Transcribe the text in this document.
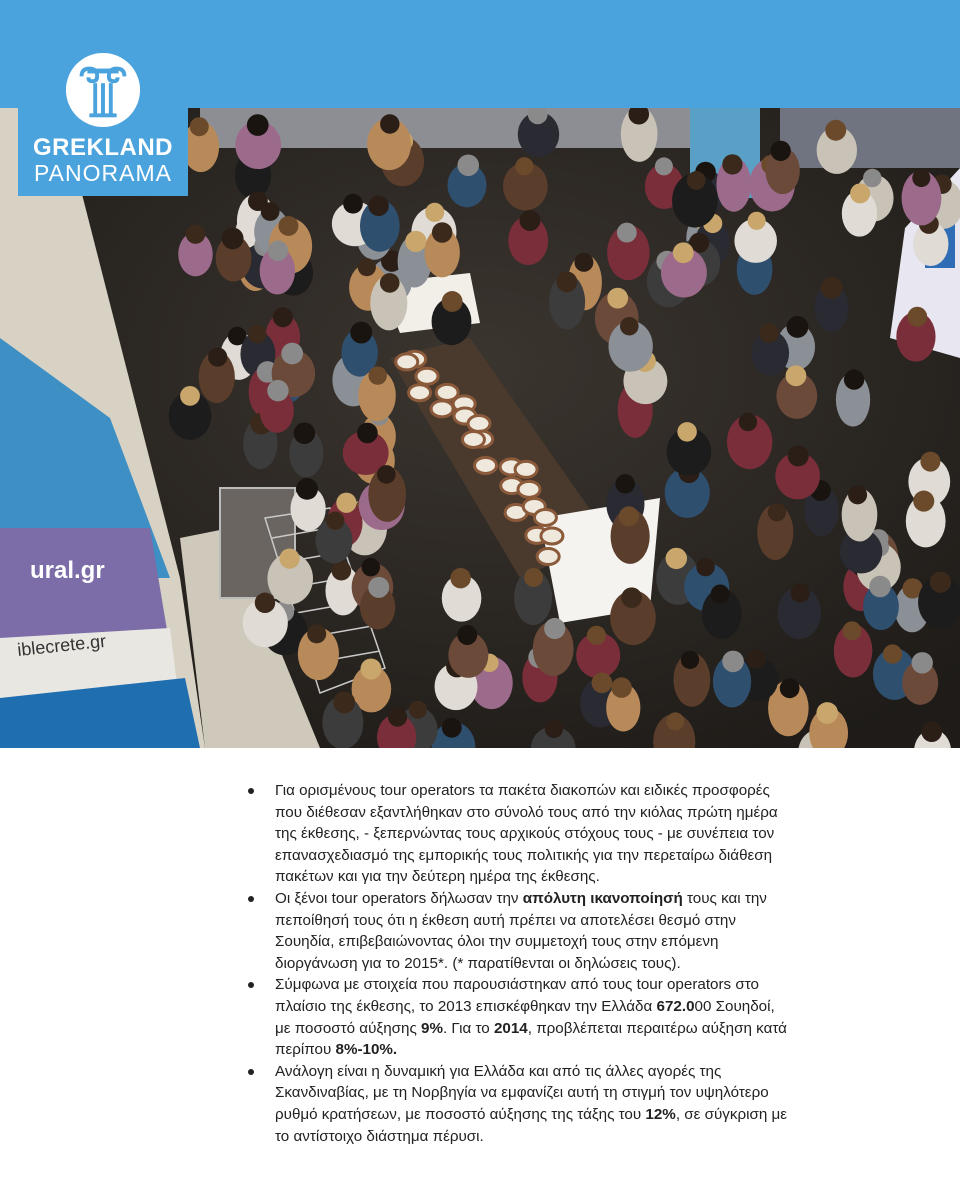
ural.gr
iblecrete.gr
GREKLAND
PANORAMA
Για ορισμένους tour operators τα πακέτα διακοπών και ειδικές προσφορές που διέθεσαν εξαντλήθηκαν στο σύνολό τους από την κιόλας πρώτη ημέρα της έκθεσης, - ξεπερνώντας τους αρχικούς στόχους τους - με συνέπεια τον επανασχεδιασμό της εμπορικής τους πολιτικής για την περεταίρω διάθεση πακέτων και για την δεύτερη ημέρα της έκθεσης.
Οι ξένοι tour operators δήλωσαν την απόλυτη ικανοποίησή τους και την πεποίθησή τους ότι η έκθεση αυτή πρέπει να αποτελέσει θεσμό στην Σουηδία, επιβεβαιώνοντας όλοι την συμμετοχή τους στην επόμενη διοργάνωση για το 2015*. (* παρατίθενται οι δηλώσεις τους).
Σύμφωνα με στοιχεία που παρουσιάστηκαν από τους tour operators στο πλαίσιο της έκθεσης, το 2013 επισκέφθηκαν την Ελλάδα 672.000 Σουηδοί, με ποσοστό αύξησης 9%. Για το 2014, προβλέπεται περαιτέρω αύξηση κατά περίπου 8%-10%.
Ανάλογη είναι η δυναμική για Ελλάδα και από τις άλλες αγορές της Σκανδιναβίας, με τη Νορβηγία να εμφανίζει αυτή τη στιγμή τον υψηλότερο ρυθμό κρατήσεων, με ποσοστό αύξησης της τάξης του 12%, σε σύγκριση με το αντίστοιχο διάστημα πέρυσι.
